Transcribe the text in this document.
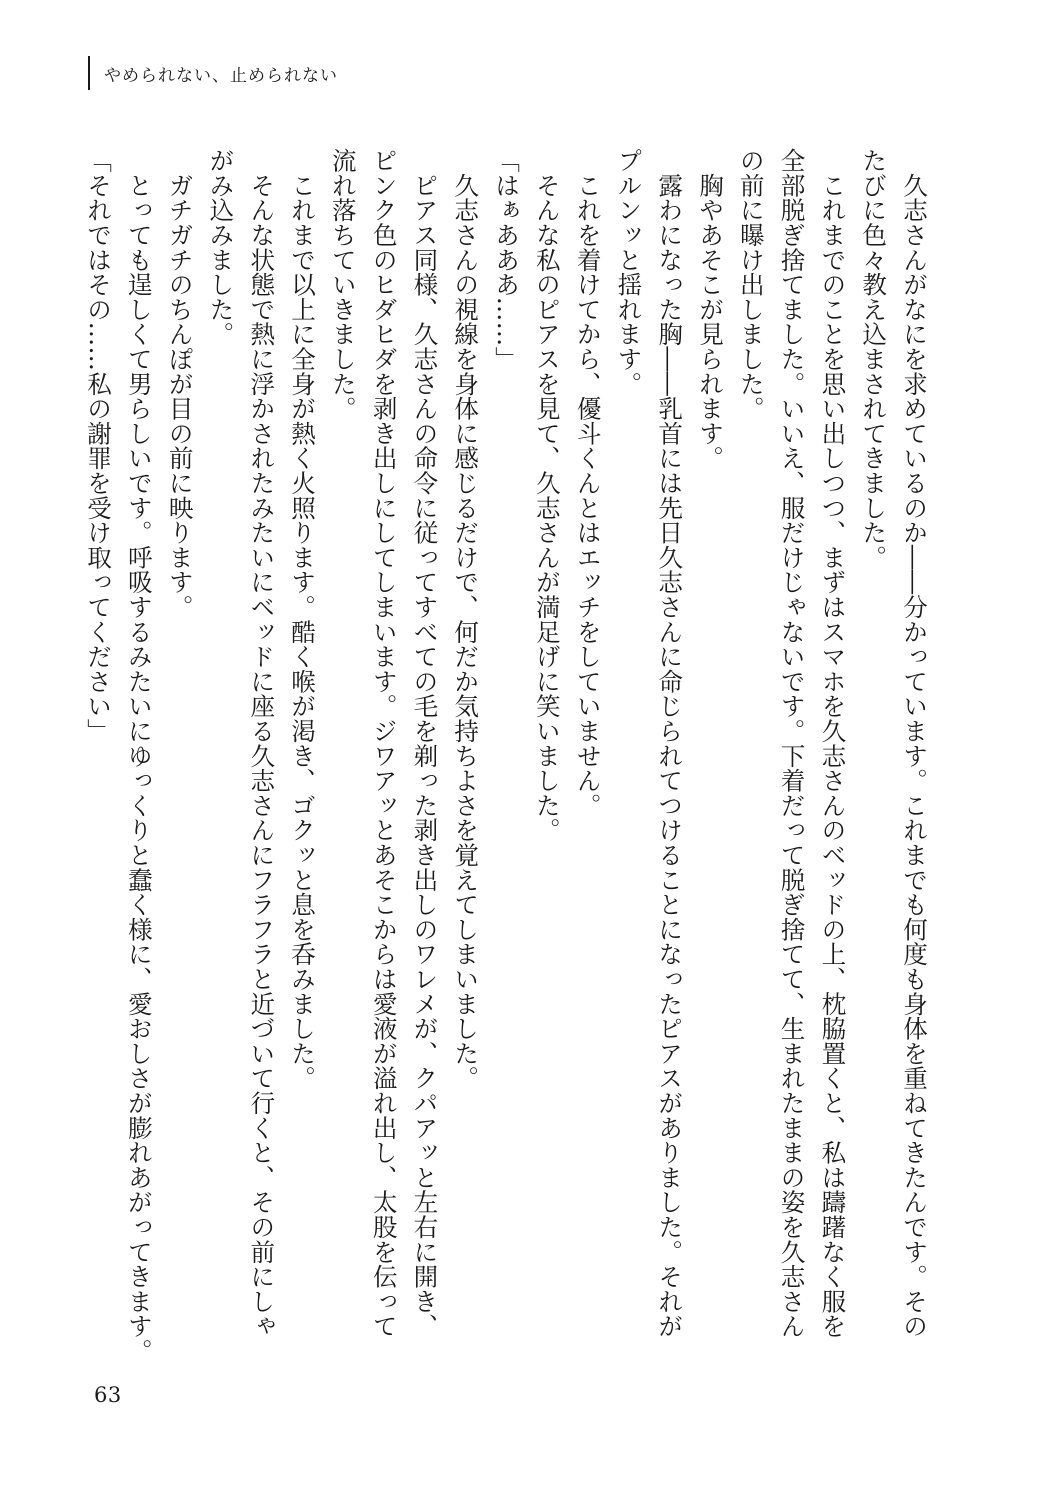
やめられない、止められない
　久志さんがなにを求めているのか――分かっています。これまでも何度も身体を重ねてきたんです。その
たびに色々教え込まされてきました。
　これまでのことを思い出しつつ、まずはスマホを久志さんのベッドの上、枕脇置くと、私は躊躇なく服を
全部脱ぎ捨てました。いいえ、服だけじゃないです。下着だって脱ぎ捨てて、生まれたままの姿を久志さん
の前に曝け出しました。
　胸やあそこが見られます。
　露わになった胸――乳首には先日久志さんに命じられてつけることになったピアスがありました。それが
プルンッと揺れます。
　これを着けてから、優斗くんとはエッチをしていません。
　そんな私のピアスを見て、久志さんが満足げに笑いました。
「はぁあああ……」
　久志さんの視線を身体に感じるだけで、何だか気持ちよさを覚えてしまいました。
　ピアス同様、久志さんの命令に従ってすべての毛を剃った剥き出しのワレメが、クパアッと左右に開き、
ピンク色のヒダヒダを剥き出しにしてしまいます。ジワアッとあそこからは愛液が溢れ出し、太股を伝って
流れ落ちていきました。
　これまで以上に全身が熱く火照ります。酷く喉が渇き、ゴクッと息を呑みました。
　そんな状態で熱に浮かされたみたいにベッドに座る久志さんにフラフラと近づいて行くと、その前にしゃ
がみ込みました。
　ガチガチのちんぽが目の前に映ります。
　とっても逞しくて男らしいです。呼吸するみたいにゆっくりと蠢く様に、愛おしさが膨れあがってきます。
「それではその……私の謝罪を受け取ってください」
63
